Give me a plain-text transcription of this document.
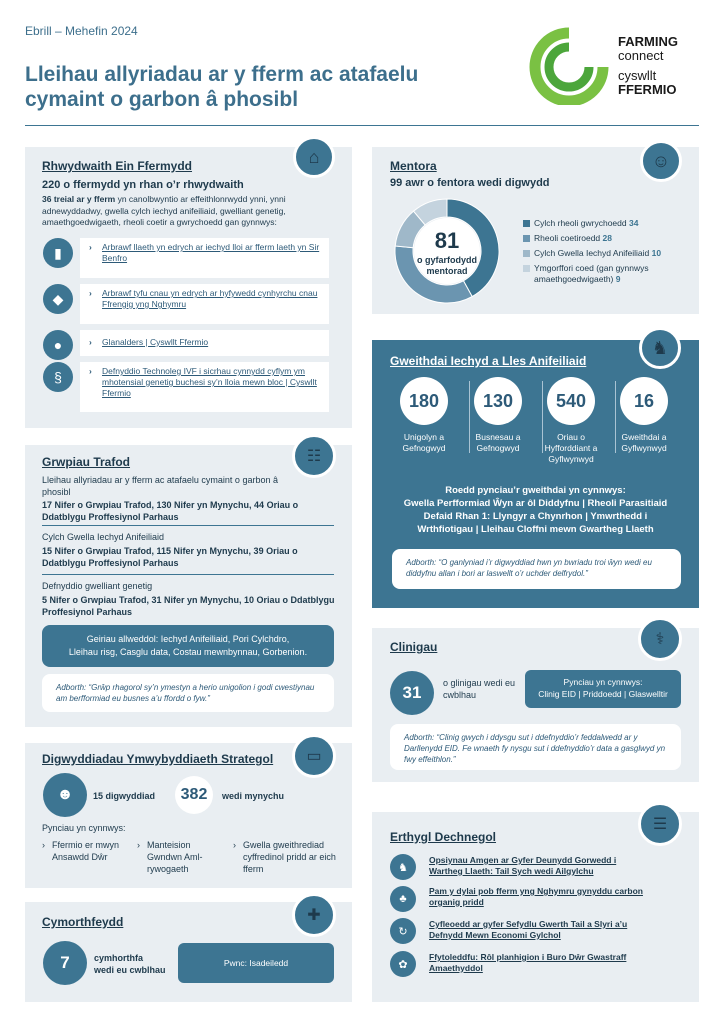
Ebrill – Mehefin 2024
Lleihau allyriadau ar y fferm ac atafaelu
cymaint o garbon â phosibl
FARMING
connect
cyswllt
FFERMIO
⌂
Rhwydwaith Ein Ffermydd
220 o ffermydd yn rhan o’r rhwydwaith
36 treial ar y fferm yn canolbwyntio ar effeithlonrwydd ynni, ynni adnewyddadwy, gwella cylch iechyd anifeiliaid, gwelliant genetig, amaethgoedwigaeth, rheoli coetir a gwrychoedd gan gynnwys:
▮	› Arbrawf llaeth yn edrych ar iechyd lloi ar fferm laeth yn Sir Benfro
◆	› Arbrawf tyfu cnau yn edrych ar hyfywedd cynhyrchu cnau Ffrengig yng Nghymru
●	› Glanalders | Cyswllt Ffermio
§	› Defnyddio Technoleg IVF i sicrhau cynnydd cyflym ym mhotensial genetig buchesi sy’n lloia mewn bloc | Cyswllt Ffermio
☺
Mentora
99 awr o fentora wedi digwydd
81
o gyfarfodydd
mentorad
Cylch rheoli gwrychoedd 34
Rheoli coetiroedd 28
Cylch Gwella Iechyd Anifeiliaid 10
Ymgorffori coed (gan gynnwys amaethgoedwigaeth) 9
♞
Gweithdai Iechyd a Lles Anifeiliaid
180	130	540	16
Unigolyn a Gefnogwyd
Busnesau a Gefnogwyd
Oriau o Hyfforddiant a Gyflwynwyd
Gweithdai a Gyflwynwyd
Roedd pynciau’r gweithdai yn cynnwys:
Gwella Perfformiad Ŵyn ar ôl Diddyfnu | Rheoli Parasitiaid
Defaid Rhan 1: Llyngyr a Chynrhon | Ymwrthedd i
Wrthfiotigau | Lleihau Cloffni mewn Gwartheg Llaeth
Adborth: “O ganlyniad i’r digwyddiad hwn yn bwriadu troi ŵyn wedi eu diddyfnu allan i bori ar laswellt o’r uchder delfrydol.”
☷
Grwpiau Trafod
Lleihau allyriadau ar y fferm ac atafaelu cymaint o garbon â phosibl
17 Nifer o Grwpiau Trafod, 130 Nifer yn Mynychu, 44 Oriau o Ddatblygu Proffesiynol Parhaus
Cylch Gwella Iechyd Anifeiliaid
15 Nifer o Grwpiau Trafod, 115 Nifer yn Mynychu, 39 Oriau o Ddatblygu Proffesiynol Parhaus
Defnyddio gwelliant genetig
5 Nifer o Grwpiau Trafod, 31 Nifer yn Mynychu, 10 Oriau o Ddatblygu Proffesiynol Parhaus
Geiriau allweddol: Iechyd Anifeiliaid, Pori Cylchdro,
Lleihau risg, Casglu data, Costau mewnbynnau, Gorbenion.
Adborth: “Grŵp rhagorol sy’n ymestyn a herio unigolion i godi cwestiynau am berfformiad eu busnes a’u ffordd o fyw.”
⚕
Clinigau
31	o glinigau wedi eu cwblhau
Pynciau yn cynnwys:
Clinig EID | Priddoedd | Glaswelltir
Adborth: “Clinig gwych i ddysgu sut i ddefnyddio’r feddalwedd ar y Darllenydd EID. Fe wnaeth fy nysgu sut i ddefnyddio’r data a gasglwyd yn fwy effeithlon.”
▭
Digwyddiadau Ymwybyddiaeth Strategol
☻	15 digwyddiad	382	wedi mynychu
Pynciau yn cynnwys:
› Ffermio er mwyn Ansawdd Dŵr
› Manteision Gwndwn Aml-rywogaeth
› Gwella gweithrediad cyffredinol pridd ar eich fferm
✚
Cymorthfeydd
7	cymhorthfa
wedi eu cwblhau
Pwnc: Isadeiledd
☰
Erthygl Dechnegol
♞
Opsiynau Amgen ar Gyfer Deunydd Gorwedd i
Wartheg Llaeth: Tail Sych wedi Ailgylchu
♣
Pam y dylai pob fferm yng Nghymru gynyddu carbon
organig pridd
↻
Cyfleoedd ar gyfer Sefydlu Gwerth Tail a Slyri a’u
Defnydd Mewn Economi Gylchol
✿
Ffytoleddfu: Rôl planhigion i Buro Dŵr Gwastraff
Amaethyddol
